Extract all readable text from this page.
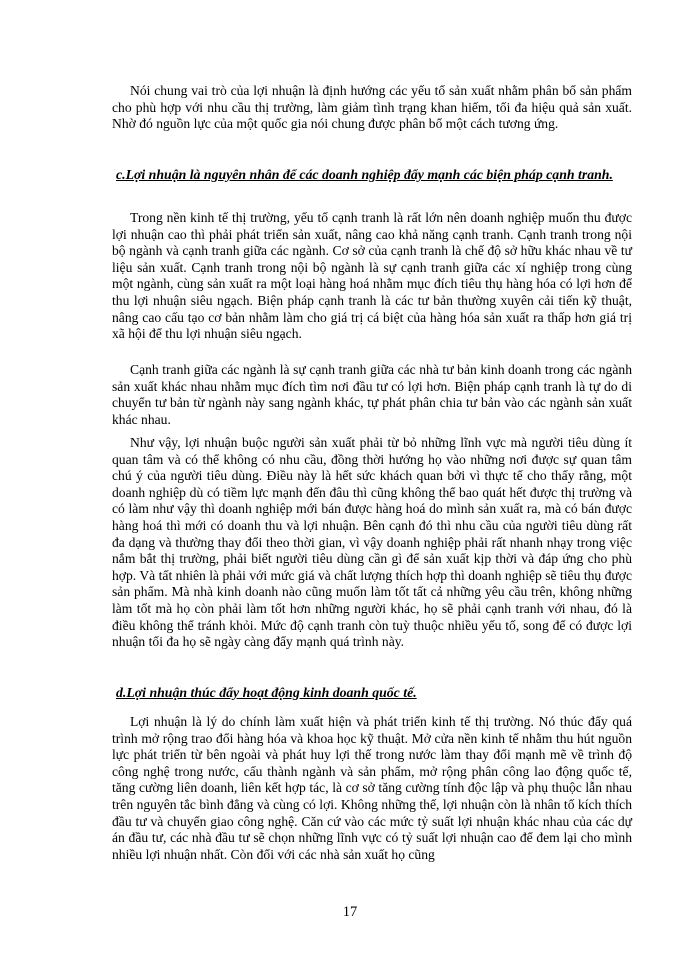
Nói chung vai trò của lợi nhuận là định hướng các yếu tố sản xuất nhằm phân bố sản phẩm cho phù hợp với nhu cầu thị trường, làm giảm tình trạng khan hiếm, tối đa hiệu quả sản xuất. Nhờ đó nguồn lực của một quốc gia nói chung được phân bổ một cách tương ứng.

c.Lợi nhuận là nguyên nhân để các doanh nghiệp đẩy mạnh các biện pháp cạnh tranh.

Trong nền kinh tế thị trường, yếu tố cạnh tranh là rất lớn nên doanh nghiệp muốn thu được lợi nhuận cao thì phải phát triển sản xuất, nâng cao khả năng cạnh tranh. Cạnh tranh trong nội bộ ngành và cạnh tranh giữa các ngành. Cơ sở của cạnh tranh là chế độ sở hữu khác nhau về tư liệu sản xuất. Cạnh tranh trong nội bộ ngành là sự cạnh tranh giữa các xí nghiệp trong cùng một ngành, cùng sản xuất ra một loại hàng hoá nhằm mục đích tiêu thụ hàng hóa có lợi hơn để thu lợi nhuận siêu ngạch. Biện pháp cạnh tranh là các tư bản thường xuyên cải tiến kỹ thuật, nâng cao cấu tạo cơ bản nhằm làm cho giá trị cá biệt của hàng hóa sản xuất ra thấp hơn giá trị xã hội để thu lợi nhuận siêu ngạch.

Cạnh tranh giữa các ngành là sự cạnh tranh giữa các nhà tư bản kinh doanh trong các ngành sản xuất khác nhau nhằm mục đích tìm nơi đầu tư có lợi hơn. Biện pháp cạnh tranh là tự do di chuyển tư bản từ ngành này sang ngành khác, tự phát phân chia tư bản vào các ngành sản xuất khác nhau.

Như vậy, lợi nhuận buộc người sản xuất phải từ bỏ những lĩnh vực mà người tiêu dùng ít quan tâm và có thể không có nhu cầu, đồng thời hướng họ vào những nơi được sự quan tâm chú ý của người tiêu dùng. Điều này là hết sức khách quan bởi vì thực tế cho thấy rằng, một doanh nghiệp dù có tiềm lực mạnh đến đâu thì cũng không thể bao quát hết được thị trường và có làm như vậy thì doanh nghiệp mới bán được hàng hoá do mình sản xuất ra, mà có bán được hàng hoá thì mới có doanh thu và lợi nhuận. Bên cạnh đó thì nhu cầu của người tiêu dùng rất đa dạng và thường thay đổi theo thời gian, vì vậy doanh nghiệp phải rất nhanh nhạy trong việc nắm bắt thị trường, phải biết người tiêu dùng cần gì để sản xuất kịp thời và đáp ứng cho phù hợp. Và tất nhiên là phải với mức giá và chất lượng thích hợp thì doanh nghiệp sẽ tiêu thụ được sản phẩm. Mà nhà kinh doanh nào cũng muốn làm tốt tất cả những yêu cầu trên, không những làm tốt mà họ còn phải làm tốt hơn những người khác, họ sẽ phải cạnh tranh với nhau, đó là điều không thể tránh khỏi. Mức độ cạnh tranh còn tuỳ thuộc nhiều yếu tố, song để có được lợi nhuận tối đa họ sẽ ngày càng đẩy mạnh quá trình này.

d.Lợi nhuận thúc đẩy hoạt động kinh doanh quốc tế.

Lợi nhuận là lý do chính làm xuất hiện và phát triển kinh tế thị trường. Nó thúc đẩy quá trình mở rộng trao đổi hàng hóa và khoa học kỹ thuật. Mở cửa nền kinh tế nhằm thu hút nguồn lực phát triển từ bên ngoài và phát huy lợi thế trong nước làm thay đổi mạnh mẽ về trình độ công nghệ trong nước, cấu thành ngành và sản phẩm, mở rộng phân công lao động quốc tế, tăng cường liên doanh, liên kết hợp tác, là cơ sở tăng cường tính độc lập và phụ thuộc lẫn nhau trên nguyên tắc bình đẳng và cùng có lợi. Không những thế, lợi nhuận còn là nhân tố kích thích đầu tư và chuyển giao công nghệ. Căn cứ vào các mức tỷ suất lợi nhuận khác nhau của các dự án đầu tư, các nhà đầu tư sẽ chọn những lĩnh vực có tỷ suất lợi nhuận cao để đem lại cho mình nhiều lợi nhuận nhất. Còn đối với các nhà sản xuất họ cũng

17
